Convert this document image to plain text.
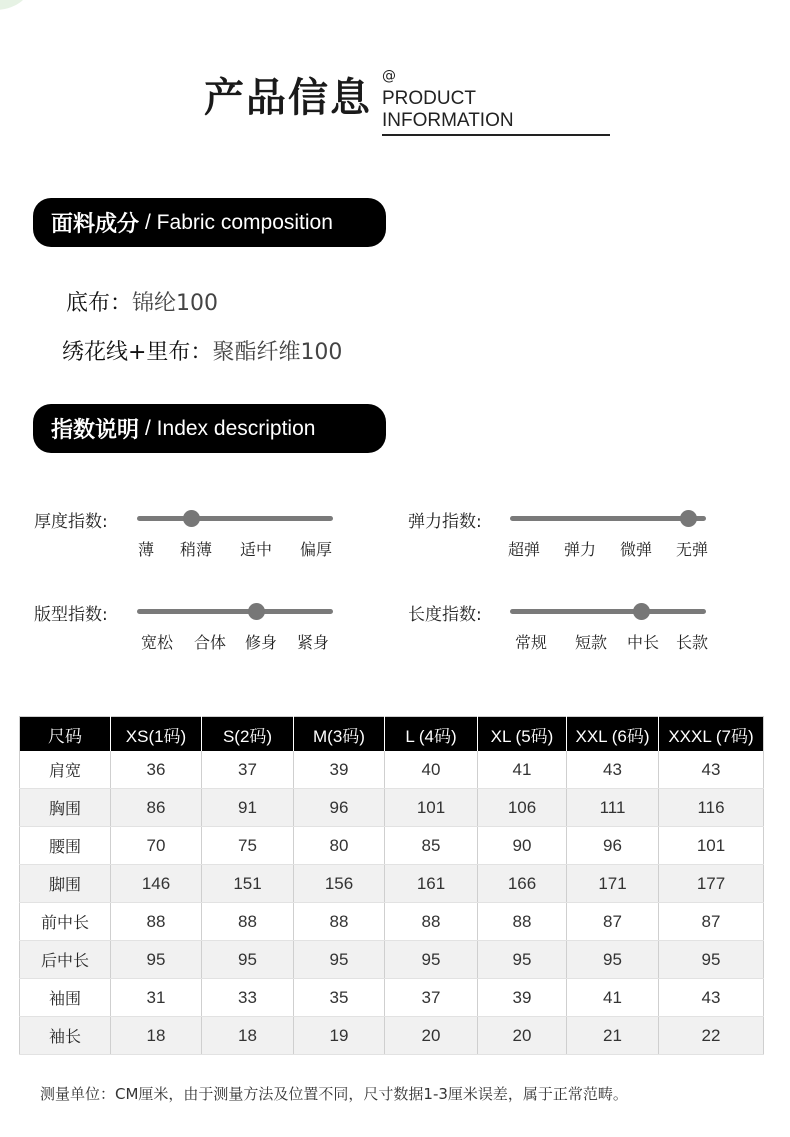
产品信息 @
PRODUCT INFORMATION
面料成分 / Fabric composition
底布：锦纶100
绣花线+里布：聚酯纤维100
指数说明 / Index description
厚度指数:
薄 稍薄 适中 偏厚
弹力指数:
超弹 弹力 微弹 无弹
版型指数:
宽松 合体 修身 紧身
长度指数:
常规 短款 中长 长款
尺码	XS(1码)	S(2码)	M(3码)	L (4码)	XL (5码)	XXL (6码)	XXXL (7码)
肩宽	36	37	39	40	41	43	43
胸围	86	91	96	101	106	111	116
腰围	70	75	80	85	90	96	101
脚围	146	151	156	161	166	171	177
前中长	88	88	88	88	88	87	87
后中长	95	95	95	95	95	95	95
袖围	31	33	35	37	39	41	43
袖长	18	18	19	20	20	21	22
测量单位：CM厘米，由于测量方法及位置不同，尺寸数据1-3厘米误差，属于正常范畴。
